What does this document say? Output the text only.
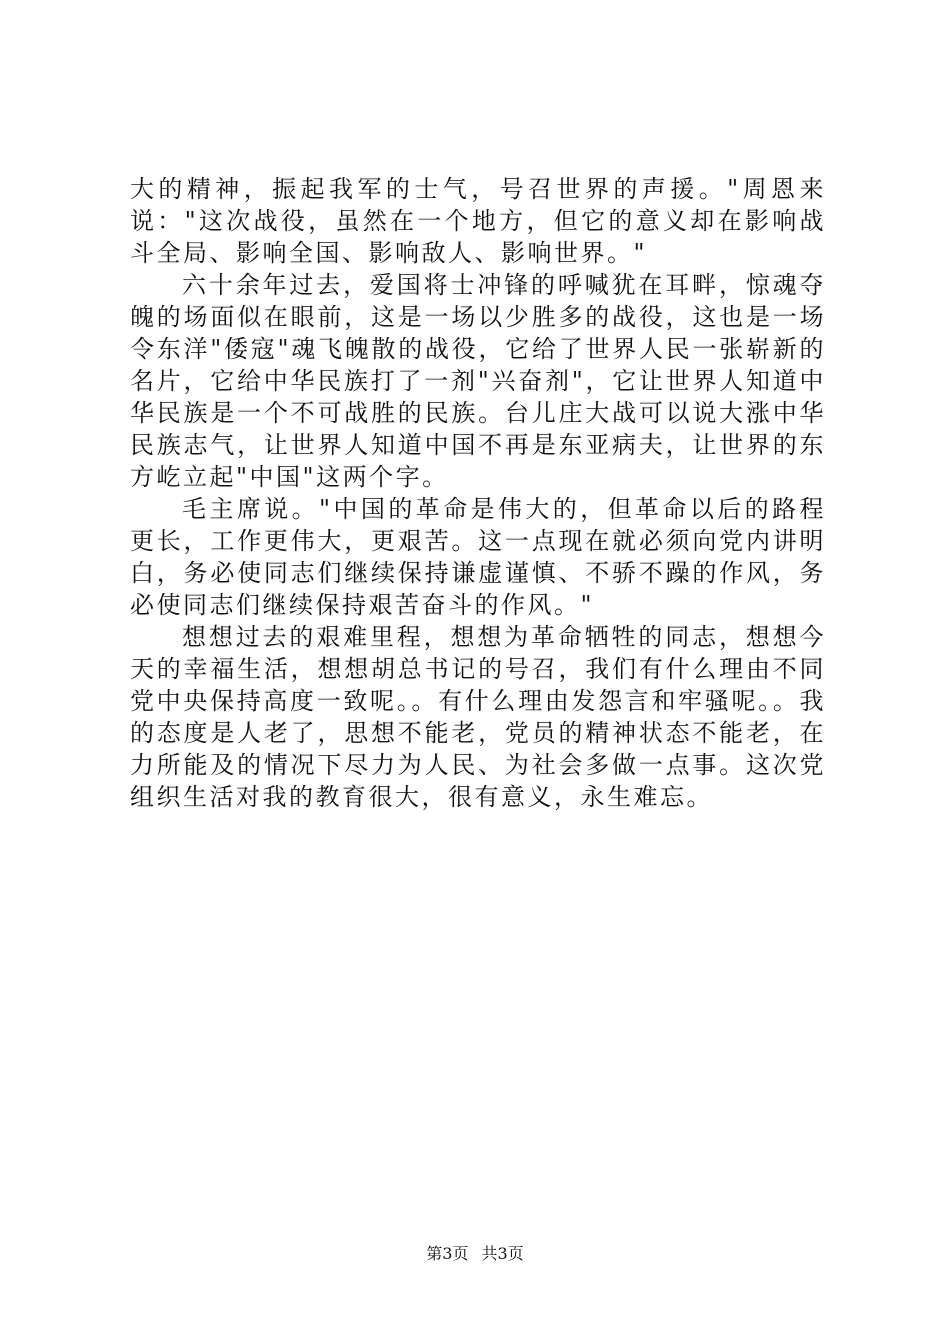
大的精神，振起我军的士气，号召世界的声援。"周恩来说："这次战役，虽然在一个地方，但它的意义却在影响战斗全局、影响全国、影响敌人、影响世界。"

六十余年过去，爱国将士冲锋的呼喊犹在耳畔，惊魂夺魄的场面似在眼前，这是一场以少胜多的战役，这也是一场令东洋"倭寇"魂飞魄散的战役，它给了世界人民一张崭新的名片，它给中华民族打了一剂"兴奋剂"，它让世界人知道中华民族是一个不可战胜的民族。台儿庄大战可以说大涨中华民族志气，让世界人知道中国不再是东亚病夫，让世界的东方屹立起"中国"这两个字。

毛主席说。"中国的革命是伟大的，但革命以后的路程更长，工作更伟大，更艰苦。这一点现在就必须向党内讲明白，务必使同志们继续保持谦虚谨慎、不骄不躁的作风，务必使同志们继续保持艰苦奋斗的作风。"

想想过去的艰难里程，想想为革命牺牲的同志，想想今天的幸福生活，想想胡总书记的号召，我们有什么理由不同党中央保持高度一致呢。。有什么理由发怨言和牢骚呢。。我的态度是人老了，思想不能老，党员的精神状态不能老，在力所能及的情况下尽力为人民、为社会多做一点事。这次党组织生活对我的教育很大，很有意义，永生难忘。

第3页 共3页
